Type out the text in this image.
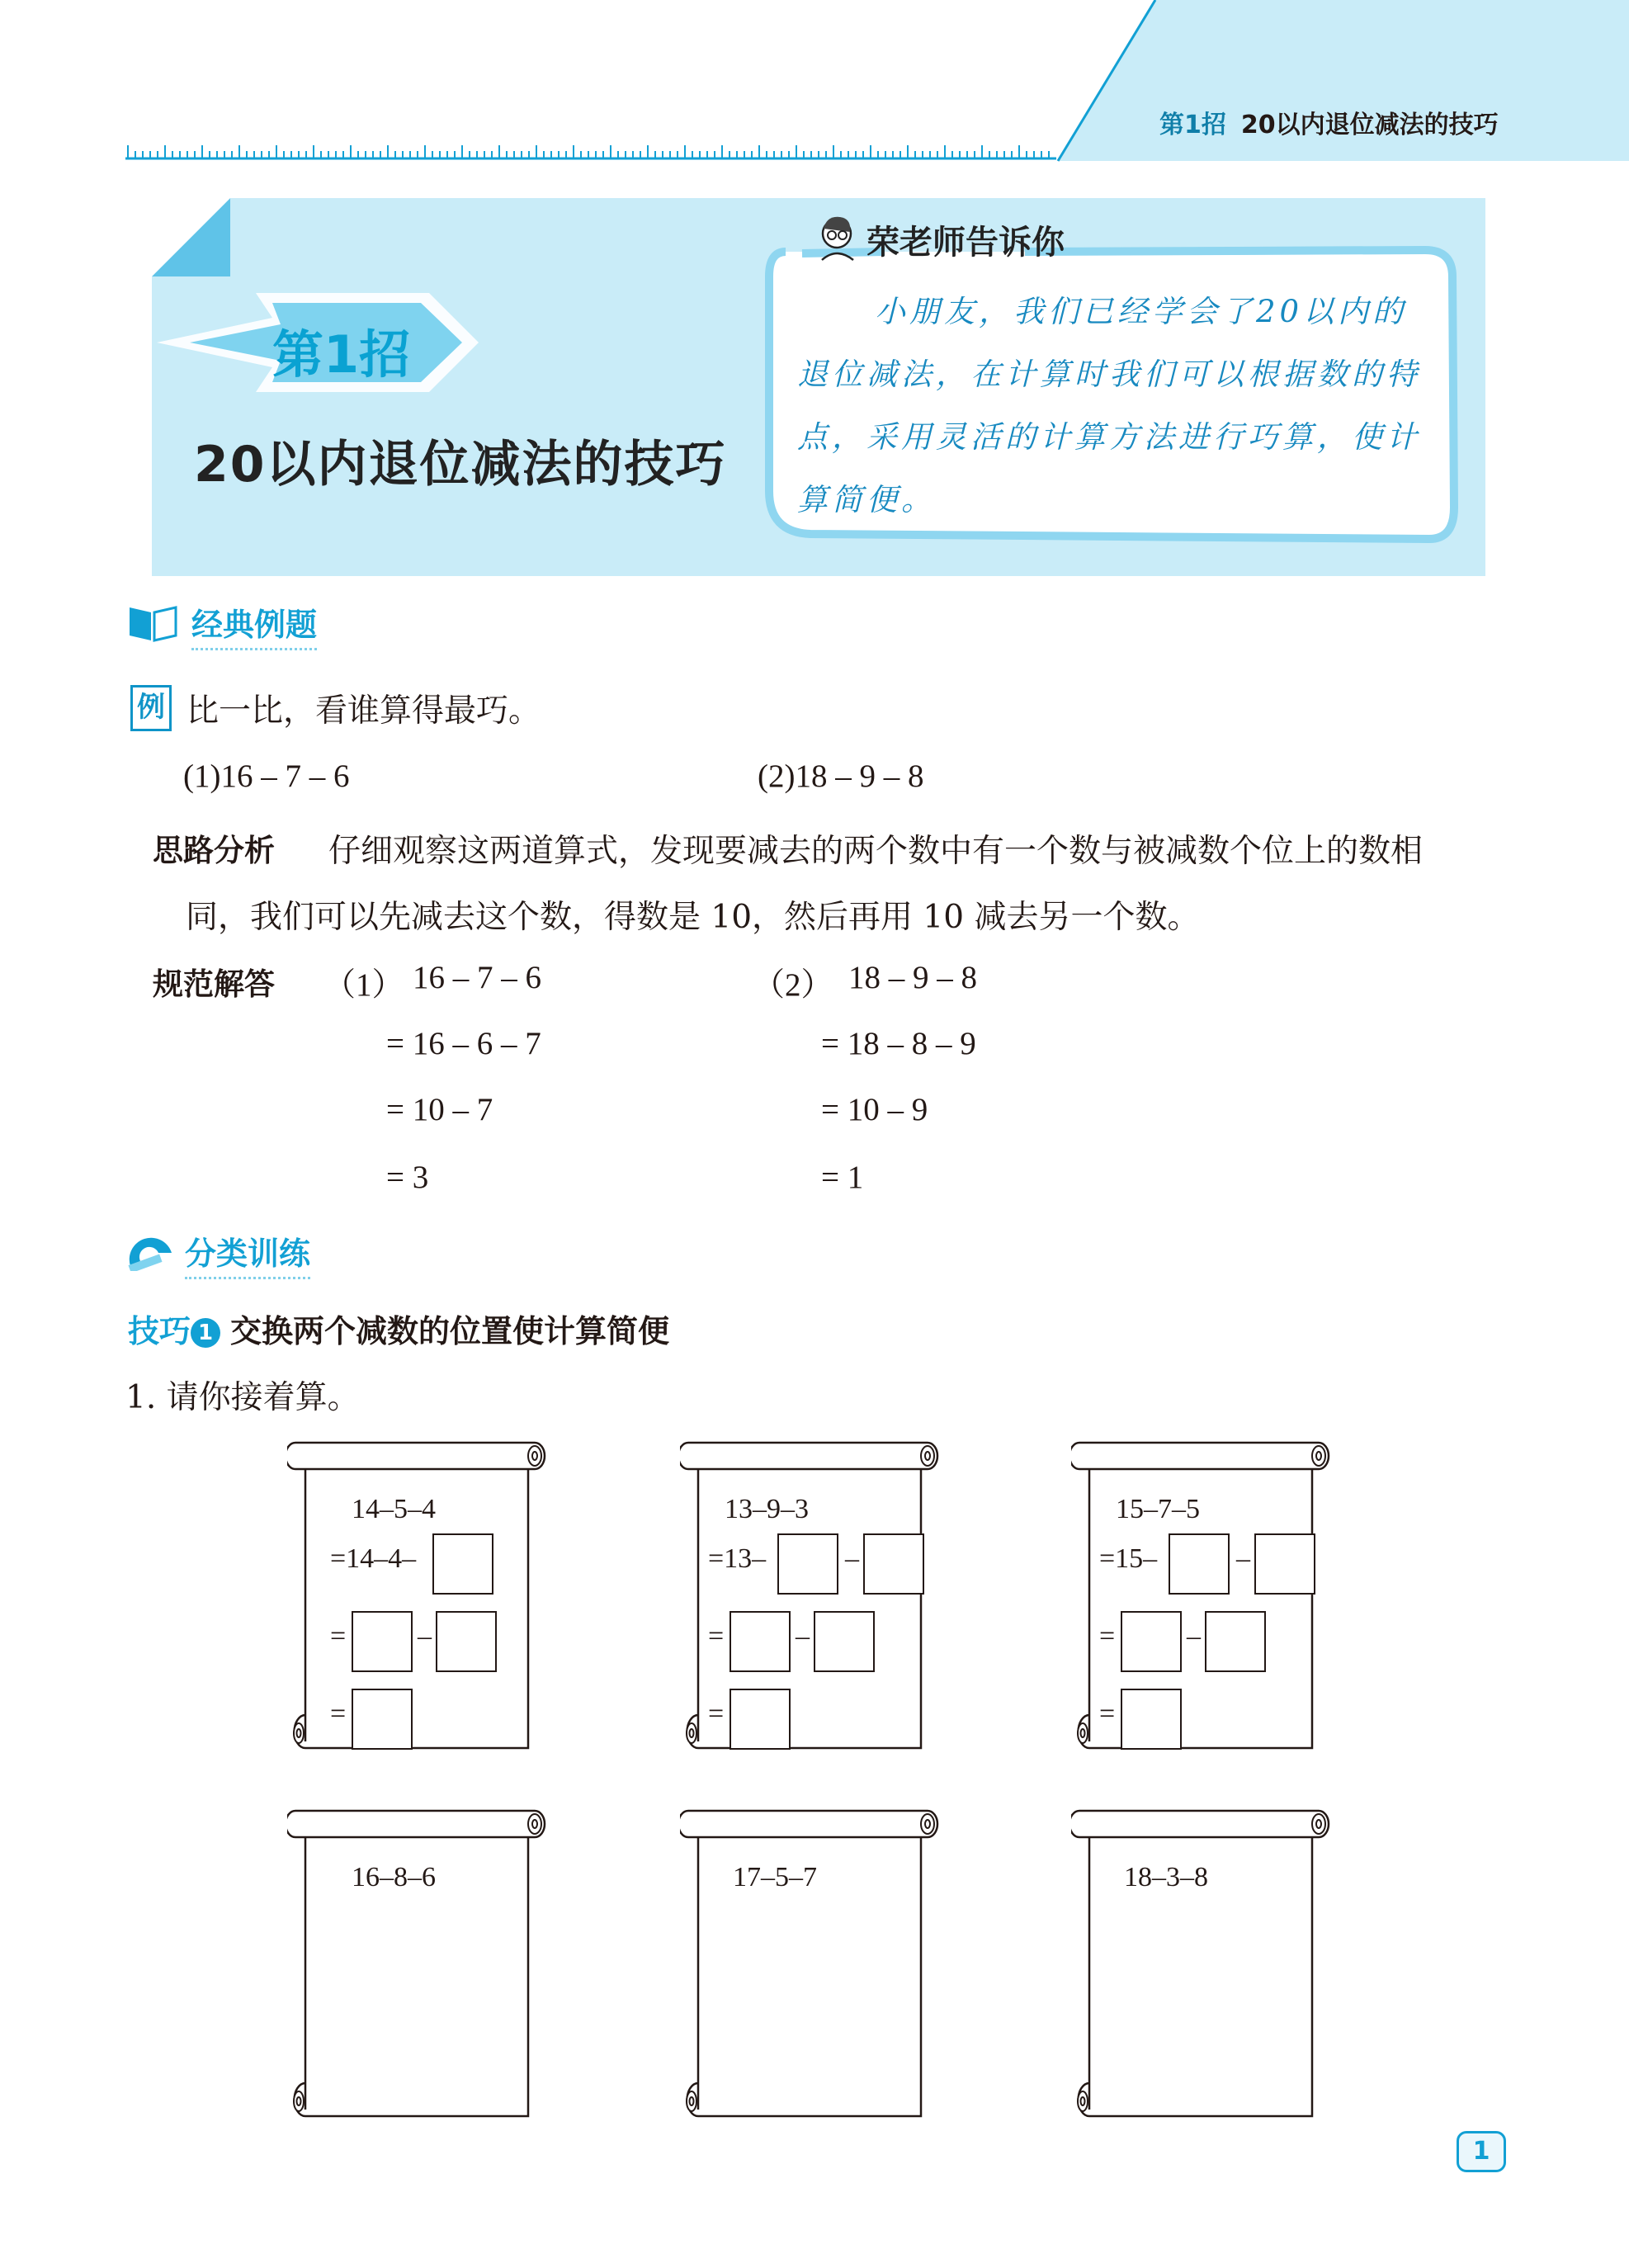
第1招 20以内退位减法的技巧
第1招
20以内退位减法的技巧
荣老师告诉你
小朋友，我们已经学会了20以内的退位减法，在计算时我们可以根据数的特点，采用灵活的计算方法进行巧算，使计算简便。
经典例题
例 比一比，看谁算得最巧。
(1)16 – 7 – 6	(2)18 – 9 – 8
思路分析 仔细观察这两道算式，发现要减去的两个数中有一个数与被减数个位上的数相
同，我们可以先减去这个数，得数是 10，然后再用 10 减去另一个数。
规范解答 （1） 16 – 7 – 6
= 16 – 6 – 7
= 10 – 7
= 3
（2） 18 – 9 – 8
= 18 – 8 – 9
= 10 – 9
= 1
分类训练
技巧 1 交换两个减数的位置使计算简便
1. 请你接着算。
14–5–4
=14–4–
=	–
=
13–9–3
=13–	–
=	–
=
15–7–5
=15–	–
=	–
=
16–8–6	17–5–7	18–3–8
1
